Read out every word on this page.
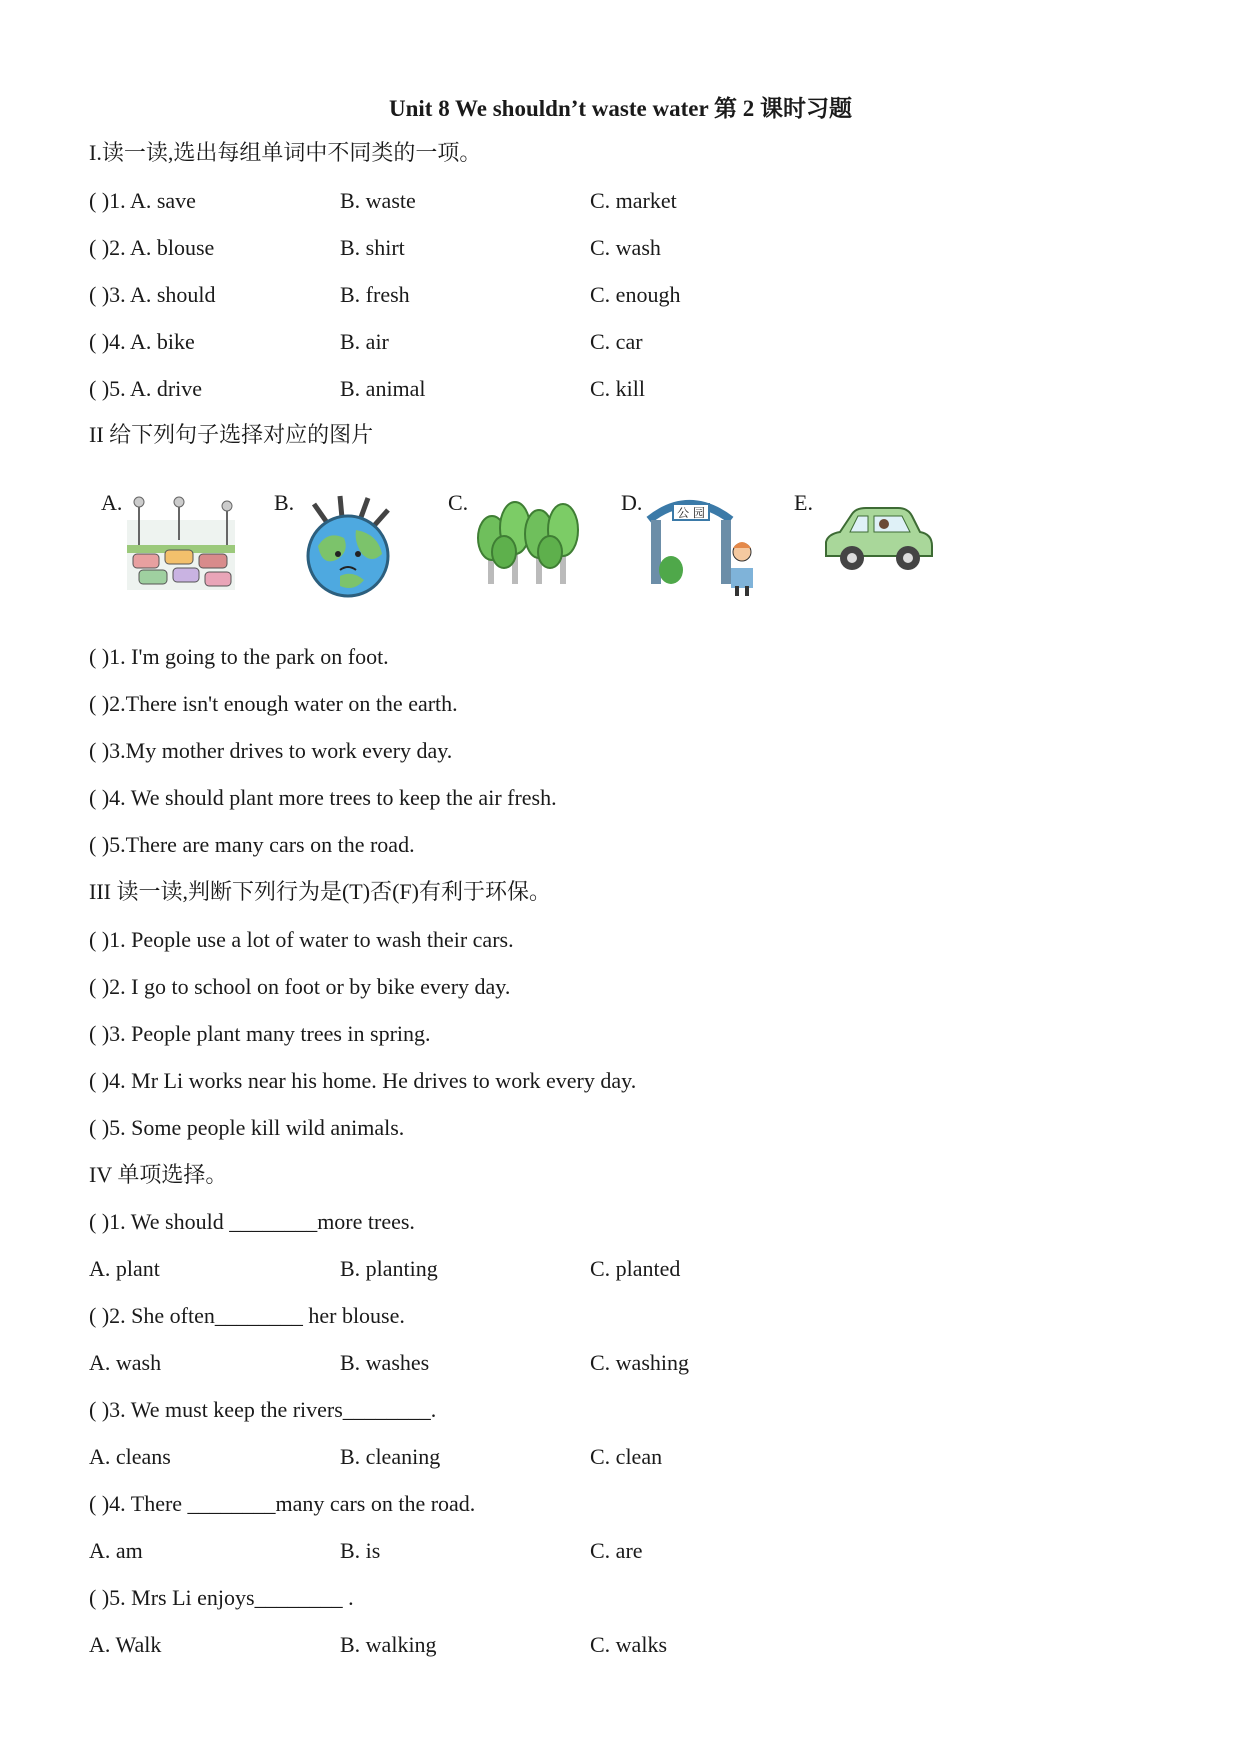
Unit 8 We shouldn’t waste water 第 2 课时习题
I.读一读,选出每组单词中不同类的一项。
( )1. A. save	B. waste	C. market
( )2. A. blouse	B. shirt	C. wash
( )3. A. should	B. fresh	C. enough
( )4. A. bike	B. air	C. car
( )5. A. drive	B. animal	C. kill
II 给下列句子选择对应的图片
A.	B.	C.	D.	公 园	E.
( )1. I'm going to the park on foot.
( )2.There isn't enough water on the earth.
( )3.My mother drives to work every day.
( )4. We should plant more trees to keep the air fresh.
( )5.There are many cars on the road.
III 读一读,判断下列行为是(T)否(F)有利于环保。
( )1. People use a lot of water to wash their cars.
( )2. I go to school on foot or by bike every day.
( )3. People plant many trees in spring.
( )4. Mr Li works near his home. He drives to work every day.
( )5. Some people kill wild animals.
IV 单项选择。
( )1. We should ________more trees.
A. plant	B. planting	C. planted
( )2. She often________ her blouse.
A. wash	B. washes	C. washing
( )3. We must keep the rivers________.
A. cleans	B. cleaning	C. clean
( )4. There ________many cars on the road.
A. am	B. is	C. are
( )5. Mrs Li enjoys________ .
A. Walk	B. walking	C. walks
